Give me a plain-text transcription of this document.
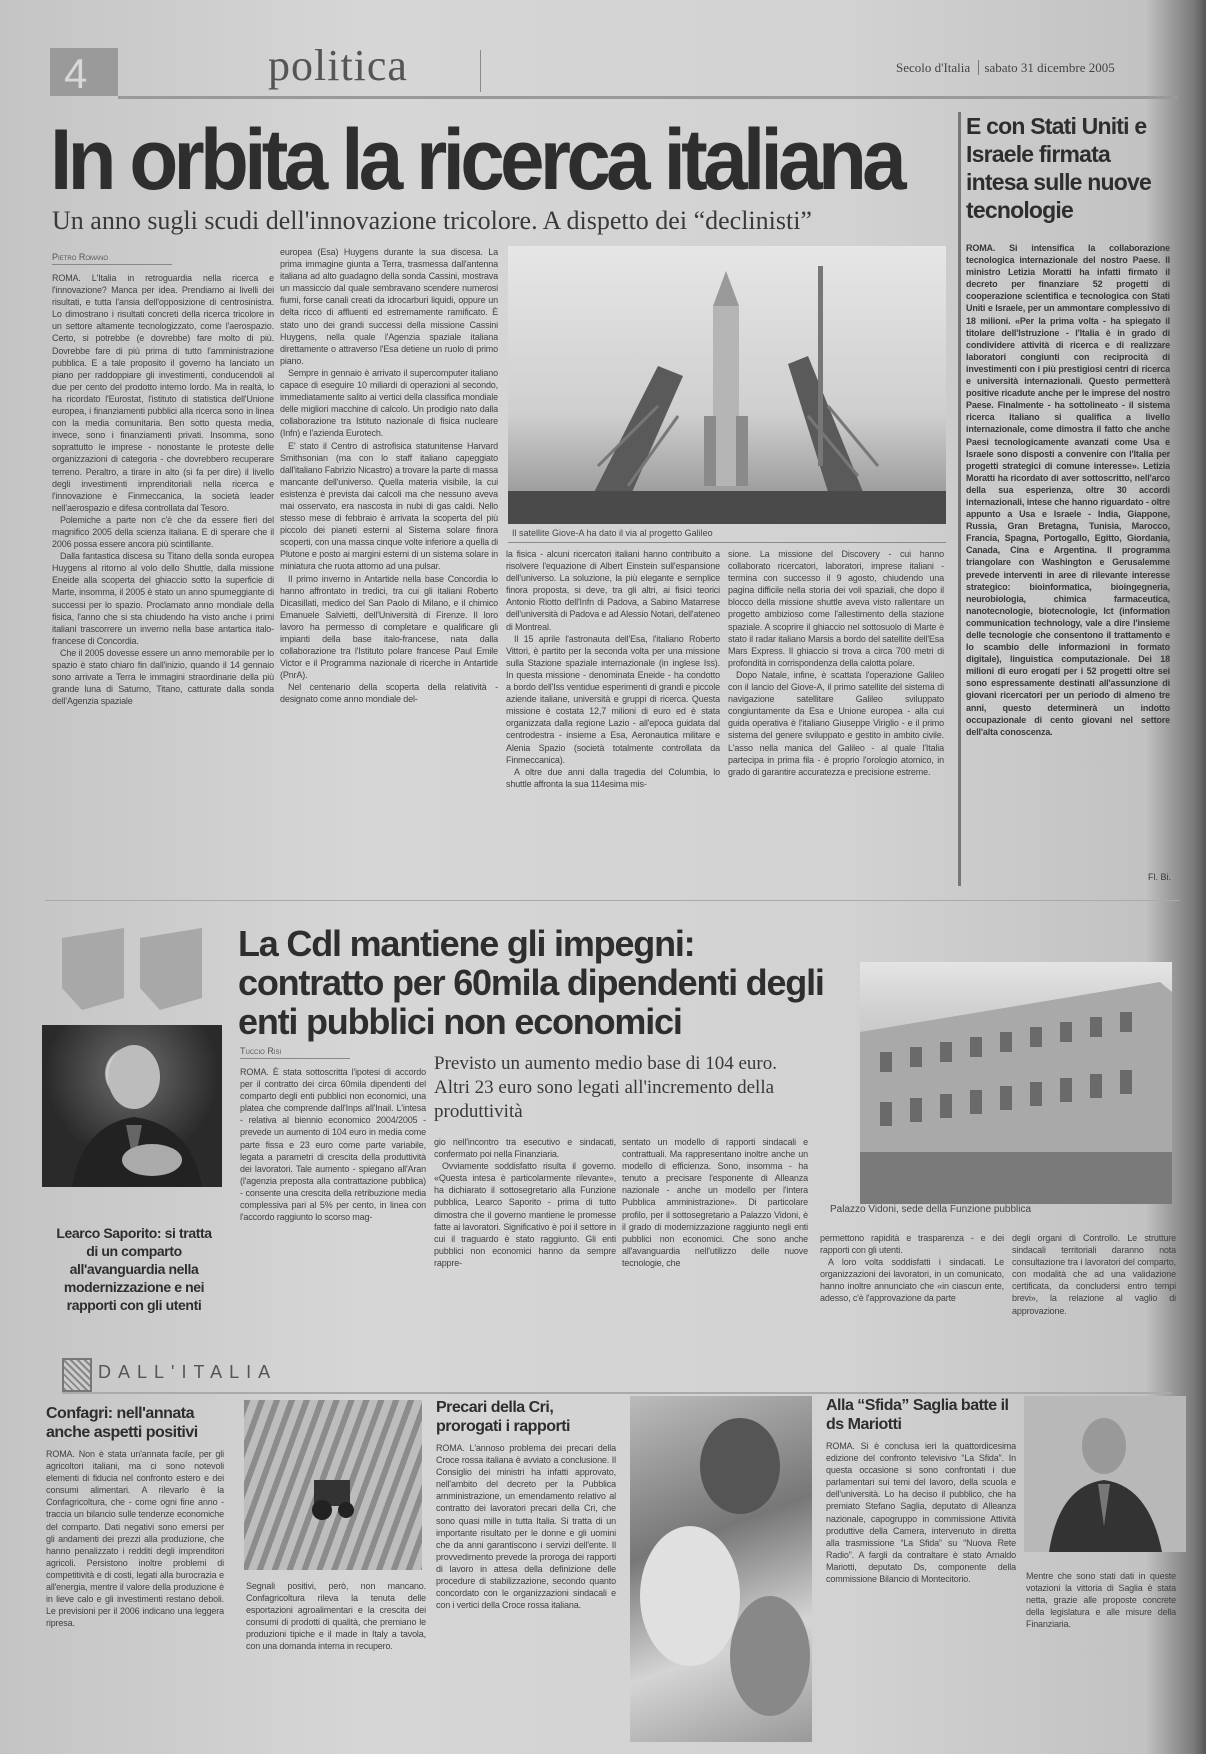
4	politica	Secolo d'Italia sabato 31 dicembre 2005
In orbita la ricerca italiana
Un anno sugli scudi dell'innovazione tricolore. A dispetto dei “declinisti”
Pietro Romano

ROMA. L'Italia in retroguardia nella ricerca e l'innovazione? Manca per idea. Prendiamo ai livelli dei risultati, e tutta l'ansia dell'opposizione di centrosinistra. Lo dimostrano i risultati concreti della ricerca tricolore in un settore altamente tecnologizzato, come l'aerospazio. Certo, si potrebbe (e dovrebbe) fare molto di più. Dovrebbe fare di più prima di tutto l'amministrazione pubblica. E a tale proposito il governo ha lanciato un piano per raddoppiare gli investimenti, conducendoli al due per cento del prodotto interno lordo. Ma in realtà, lo ha ricordato l'Eurostat, l'istituto di statistica dell'Unione europea, i finanziamenti pubblici alla ricerca sono in linea con la media comunitaria. Ben sotto questa media, invece, sono i finanziamenti privati. Insomma, sono soprattutto le imprese - nonostante le proteste delle organizzazioni di categoria - che dovrebbero recuperare terreno. Peraltro, a tirare in alto (si fa per dire) il livello degli investimenti imprenditoriali nella ricerca e l'innovazione è Finmeccanica, la società leader nell'aerospazio e difesa controllata dal Tesoro.

Polemiche a parte non c'è che da essere fieri del magnifico 2005 della scienza italiana. E di sperare che il 2006 possa essere ancora più scintillante.

Dalla fantastica discesa su Titano della sonda europea Huygens al ritorno al volo dello Shuttle, dalla missione Eneide alla scoperta del ghiaccio sotto la superficie di Marte, insomma, il 2005 è stato un anno spumeggiante di successi per lo spazio. Proclamato anno mondiale della fisica, l'anno che si sta chiudendo ha visto anche i primi italiani trascorrere un inverno nella base antartica italo-francese di Concordia.

Che il 2005 dovesse essere un anno memorabile per lo spazio è stato chiaro fin dall'inizio, quando il 14 gennaio sono arrivate a Terra le immagini straordinarie della più grande luna di Saturno, Titano, catturate dalla sonda dell'Agenzia spaziale

europea (Esa) Huygens durante la sua discesa. La prima immagine giunta a Terra, trasmessa dall'antenna italiana ad alto guadagno della sonda Cassini, mostrava un massiccio dal quale sembravano scendere numerosi fiumi, forse canali creati da idrocarburi liquidi, oppure un delta ricco di affluenti ed estremamente ramificato. È stato uno dei grandi successi della missione Cassini Huygens, nella quale l'Agenzia spaziale italiana direttamente o attraverso l'Esa detiene un ruolo di primo piano.

Sempre in gennaio è arrivato il supercomputer italiano capace di eseguire 10 miliardi di operazioni al secondo, immediatamente salito ai vertici della classifica mondiale delle migliori macchine di calcolo. Un prodigio nato dalla collaborazione tra Istituto nazionale di fisica nucleare (Infn) e l'azienda Eurotech.

E' stato il Centro di astrofisica statunitense Harvard Smithsonian (ma con lo staff italiano capeggiato dall'italiano Fabrizio Nicastro) a trovare la parte di massa mancante dell'universo. Quella materia visibile, la cui esistenza è prevista dai calcoli ma che nessuno aveva mai osservato, era nascosta in nubi di gas caldi. Nello stesso mese di febbraio è arrivata la scoperta del più piccolo dei pianeti esterni al Sistema solare finora scoperti, con una massa cinque volte inferiore a quella di Plutone e posto ai margini esterni di un sistema solare in miniatura che ruota attorno ad una pulsar.

Il primo inverno in Antartide nella base Concordia lo hanno affrontato in tredici, tra cui gli italiani Roberto Dicasillati, medico del San Paolo di Milano, e il chimico Emanuele Salvietti, dell'Università di Firenze. Il loro lavoro ha permesso di completare e qualificare gli impianti della base italo-francese, nata dalla collaborazione tra l'Istituto polare francese Paul Emile Victor e il Programma nazionale di ricerche in Antartide (PnrA).

Nel centenario della scoperta della relatività - designato come anno mondiale del-

Il satellite Giove-A ha dato il via al progetto Galileo

la fisica - alcuni ricercatori italiani hanno contribuito a risolvere l'equazione di Albert Einstein sull'espansione dell'universo. La soluzione, la più elegante e semplice finora proposta, si deve, tra gli altri, ai fisici teorici Antonio Riotto dell'Infn di Padova, a Sabino Matarrese dell'università di Padova e ad Alessio Notari, dell'ateneo di Montreal.

Il 15 aprile l'astronauta dell'Esa, l'italiano Roberto Vittori, è partito per la seconda volta per una missione sulla Stazione spaziale internazionale (in inglese Iss). In questa missione - denominata Eneide - ha condotto a bordo dell'Iss ventidue esperimenti di grandi e piccole aziende italiane, università e gruppi di ricerca. Questa missione è costata 12,7 milioni di euro ed è stata organizzata dalla regione Lazio - all'epoca guidata dal centrodestra - insieme a Esa, Aeronautica militare e Alenia Spazio (società totalmente controllata da Finmeccanica).

A oltre due anni dalla tragedia del Columbia, lo shuttle affronta la sua 114esima mis-

sione. La missione del Discovery - cui hanno collaborato ricercatori, laboratori, imprese italiani - termina con successo il 9 agosto, chiudendo una pagina difficile nella storia dei voli spaziali, che dopo il blocco della missione shuttle aveva visto rallentare un progetto ambizioso come l'allestimento della stazione spaziale. A scoprire il ghiaccio nel sottosuolo di Marte è stato il radar italiano Marsis a bordo del satellite dell'Esa Mars Express. Il ghiaccio si trova a circa 700 metri di profondità in corrispondenza della calotta polare.

Dopo Natale, infine, è scattata l'operazione Galileo con il lancio del Giove-A, il primo satellite del sistema di navigazione satellitare Galileo sviluppato congiuntamente da Esa e Unione europea - alla cui guida operativa è l'italiano Giuseppe Viriglio - e il primo sistema del genere sviluppato e gestito in ambito civile. L'asso nella manica del Galileo - al quale l'Italia partecipa in prima fila - è proprio l'orologio atomico, in grado di garantire accuratezza e precisione estreme.

E con Stati Uniti e Israele firmata intesa sulle nuove tecnologie

ROMA. Si intensifica la collaborazione tecnologica internazionale del nostro Paese. Il ministro Letizia Moratti ha infatti firmato il decreto per finanziare 52 progetti di cooperazione scientifica e tecnologica con Stati Uniti e Israele, per un ammontare complessivo di 18 milioni. «Per la prima volta - ha spiegato il titolare dell'Istruzione - l'Italia è in grado di condividere attività di ricerca e di realizzare laboratori congiunti con reciprocità di investimenti con i più prestigiosi centri di ricerca e università internazionali. Questo permetterà positive ricadute anche per le imprese del nostro Paese. Finalmente - ha sottolineato - il sistema ricerca italiano si qualifica a livello internazionale, come dimostra il fatto che anche Paesi tecnologicamente avanzati come Usa e Israele sono disposti a convenire con l'Italia per progetti strategici di comune interesse». Letizia Moratti ha ricordato di aver sottoscritto, nell'arco della sua esperienza, oltre 30 accordi internazionali, intese che hanno riguardato - oltre appunto a Usa e Israele - India, Giappone, Russia, Gran Bretagna, Tunisia, Marocco, Francia, Spagna, Portogallo, Egitto, Giordania, Canada, Cina e Argentina. Il programma triangolare con Washington e Gerusalemme prevede interventi in aree di rilevante interesse strategico: bioinformatica, bioingegneria, neurobiologia, chimica farmaceutica, nanotecnologie, biotecnologie, Ict (information communication technology, vale a dire l'insieme delle tecnologie che consentono il trattamento e lo scambio delle informazioni in formato digitale), linguistica computazionale. Dei 18 milioni di euro erogati per i 52 progetti oltre sei sono espressamente destinati all'assunzione di giovani ricercatori per un periodo di almeno tre anni, questo determinerà un indotto occupazionale di cento giovani nel settore dell'alta conoscenza.

Fl. Bi.
La Cdl mantiene gli impegni: contratto per 60mila dipendenti degli enti pubblici non economici
Learco Saporito: si tratta di un comparto all'avanguardia nella modernizzazione e nei rapporti con gli utenti
Tuccio Risi
Previsto un aumento medio base di 104 euro. Altri 23 euro sono legati all'incremento della produttività

ROMA. È stata sottoscritta l'ipotesi di accordo per il contratto dei circa 60mila dipendenti del comparto degli enti pubblici non economici, una platea che comprende dall'Inps all'Inail. L'intesa - relativa al biennio economico 2004/2005 - prevede un aumento di 104 euro in media come parte fissa e 23 euro come parte variabile, legata a parametri di crescita della produttività dei lavoratori. Tale aumento - spiegano all'Aran (l'agenzia preposta alla contrattazione pubblica) - consente una crescita della retribuzione media complessiva pari al 5% per cento, in linea con l'accordo raggiunto lo scorso mag-

gio nell'incontro tra esecutivo e sindacati, confermato poi nella Finanziaria.

Ovviamente soddisfatto risulta il governo. «Questa intesa è particolarmente rilevante», ha dichiarato il sottosegretario alla Funzione pubblica, Learco Saporito - prima di tutto dimostra che il governo mantiene le promesse fatte ai lavoratori. Significativo è poi il settore in cui il traguardo è stato raggiunto. Gli enti pubblici non economici hanno da sempre rappre-

sentato un modello di rapporti sindacali e contrattuali. Ma rappresentano inoltre anche un modello di efficienza. Sono, insomma - ha tenuto a precisare l'esponente di Alleanza nazionale - anche un modello per l'intera Pubblica amministrazione». Di particolare profilo, per il sottosegretario a Palazzo Vidoni, è il grado di modernizzazione raggiunto negli enti pubblici non economici. Che sono anche all'avanguardia nell'utilizzo delle nuove tecnologie, che

Palazzo Vidoni, sede della Funzione pubblica

permettono rapidità e trasparenza - e dei rapporti con gli utenti.

A loro volta soddisfatti i sindacati. Le organizzazioni dei lavoratori, in un comunicato, hanno inoltre annunciato che «in ciascun ente, adesso, c'è l'approvazione da parte

degli organi di Controllo. Le strutture sindacali territoriali daranno nota consultazione tra i lavoratori del comparto, con modalità che ad una validazione certificata, da concludersi entro tempi brevi», la relazione al vaglio di approvazione.

DALL'ITALIA
Confagri: nell'annata anche aspetti positivi

ROMA. Non è stata un'annata facile, per gli agricoltori italiani, ma ci sono notevoli elementi di fiducia nel confronto estero e dei consumi alimentari. A rilevarlo è la Confagricoltura, che - come ogni fine anno - traccia un bilancio sulle tendenze economiche del comparto. Dati negativi sono emersi per gli andamenti dei prezzi alla produzione, che hanno penalizzato i redditi degli imprenditori agricoli. Persistono inoltre problemi di competitività e di costi, legati alla burocrazia e all'energia, mentre il valore della produzione è in lieve calo e gli investimenti restano deboli. Le previsioni per il 2006 indicano una leggera ripresa.

Segnali positivi, però, non mancano. Confagricoltura rileva la tenuta delle esportazioni agroalimentari e la crescita dei consumi di prodotti di qualità, che premiano le produzioni tipiche e il made in Italy a tavola, con una domanda interna in recupero.

Precari della Cri, prorogati i rapporti

ROMA. L'annoso problema dei precari della Croce rossa italiana è avviato a conclusione. Il Consiglio dei ministri ha infatti approvato, nell'ambito del decreto per la Pubblica amministrazione, un emendamento relativo al contratto dei lavoratori precari della Cri, che sono quasi mille in tutta Italia. Si tratta di un importante risultato per le donne e gli uomini che da anni garantiscono i servizi dell'ente. Il provvedimento prevede la proroga dei rapporti di lavoro in attesa della definizione delle procedure di stabilizzazione, secondo quanto concordato con le organizzazioni sindacali e con i vertici della Croce rossa italiana.

Alla “Sfida” Saglia batte il ds Mariotti

ROMA. Si è conclusa ieri la quattordicesima edizione del confronto televisivo “La Sfida”. In questa occasione si sono confrontati i due parlamentari sui temi del lavoro, della scuola e dell'università. Lo ha deciso il pubblico, che ha premiato Stefano Saglia, deputato di Alleanza nazionale, capogruppo in commissione Attività produttive della Camera, intervenuto in diretta alla trasmissione “La Sfida” su “Nuova Rete Radio”. A fargli da contraltare è stato Arnaldo Mariotti, deputato Ds, componente della commissione Bilancio di Montecitorio.	Mentre che sono stati dati in queste votazioni la vittoria di Saglia è stata netta, grazie alle proposte concrete della legislatura e alle misure della Finanziaria.
